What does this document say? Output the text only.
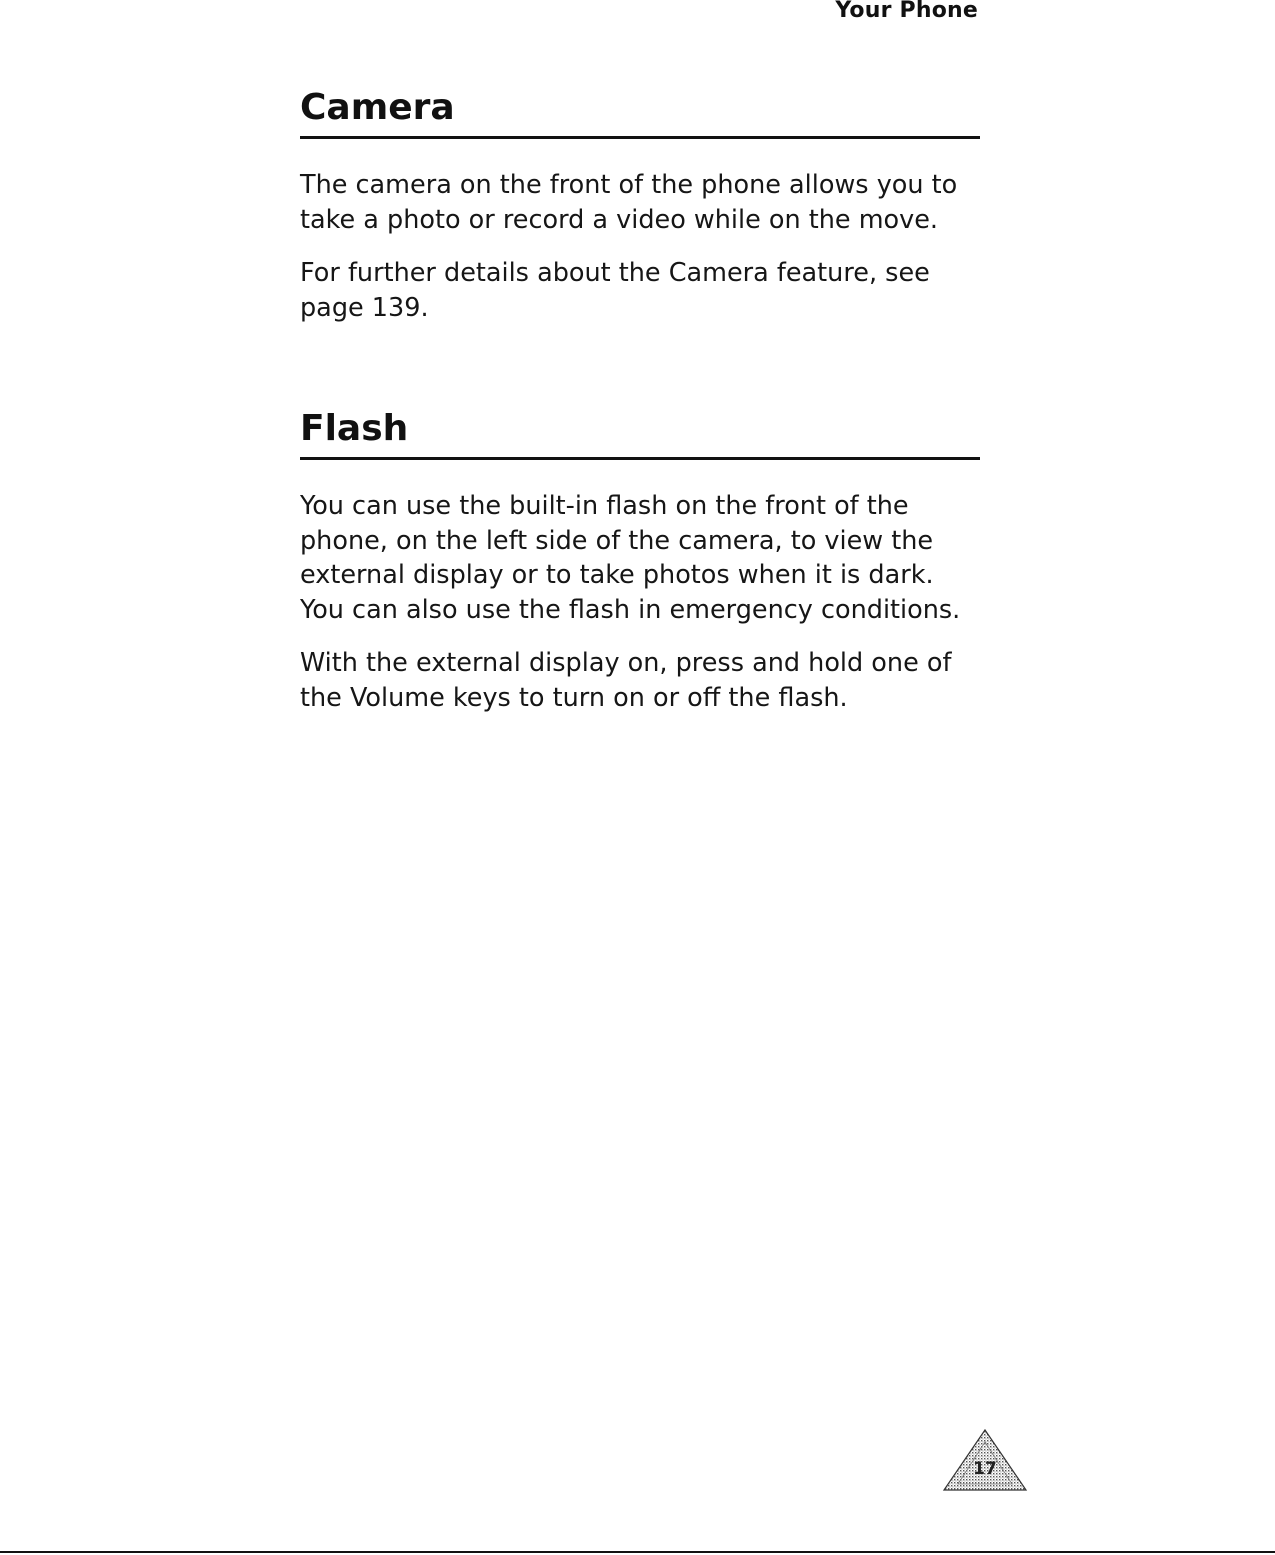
Your Phone
Camera

The camera on the front of the phone allows you to
take a photo or record a video while on the move.

For further details about the Camera feature, see
page 139.

Flash

You can use the built-in flash on the front of the
phone, on the left side of the camera, to view the
external display or to take photos when it is dark.
You can also use the flash in emergency conditions.

With the external display on, press and hold one of
the Volume keys to turn on or off the flash.

17
